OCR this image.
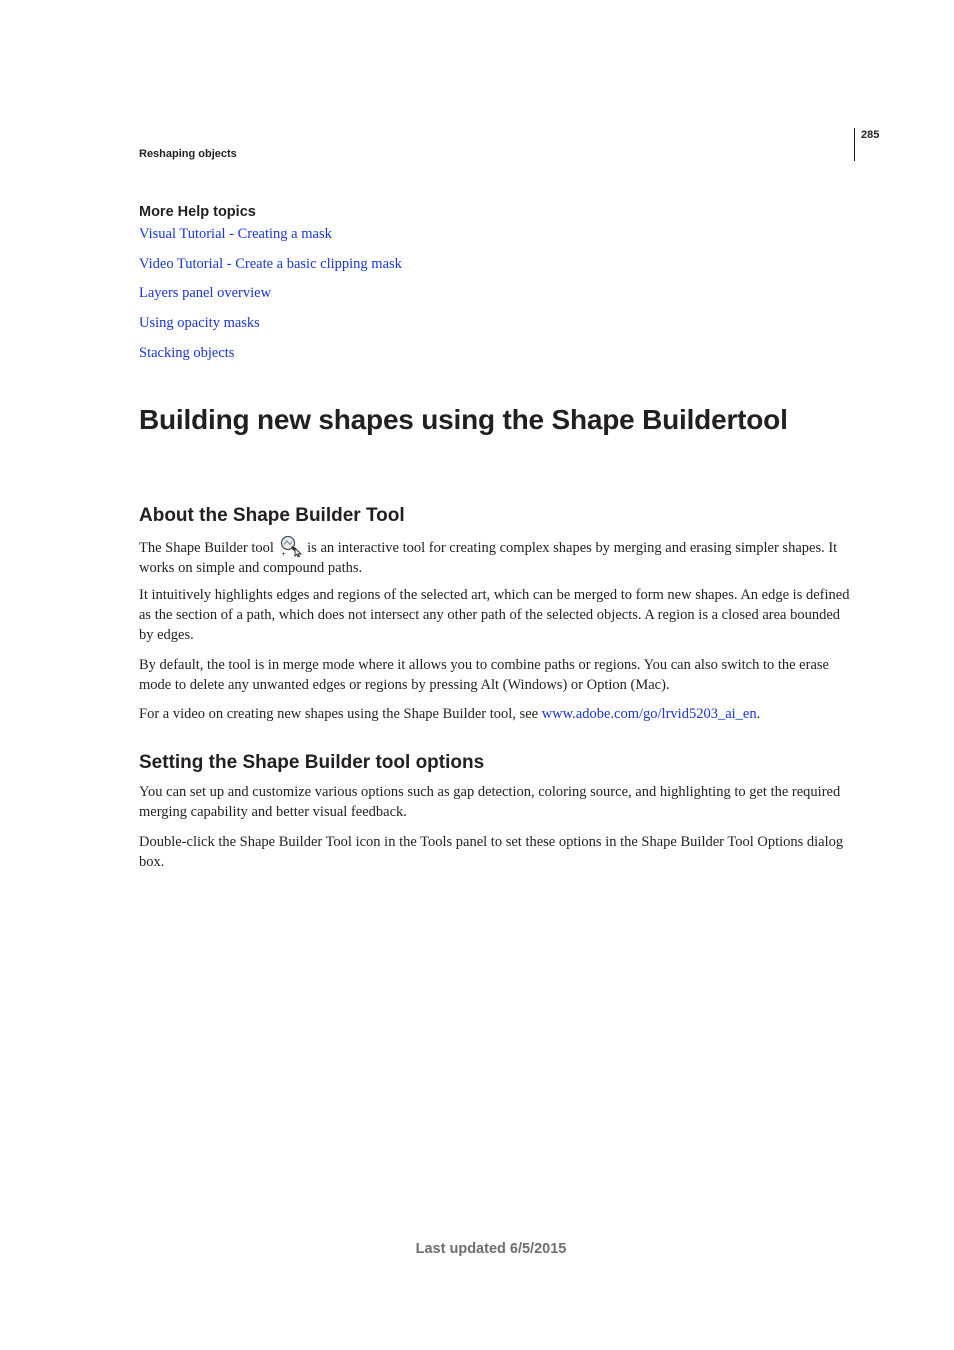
285
Reshaping objects
More Help topics
Visual Tutorial - Creating a mask
Video Tutorial - Create a basic clipping mask
Layers panel overview
Using opacity masks
Stacking objects
Building new shapes using the Shape Buildertool
About the Shape Builder Tool

The Shape Builder tool + is an interactive tool for creating complex shapes by merging and erasing simpler shapes. It works on simple and compound paths.

It intuitively highlights edges and regions of the selected art, which can be merged to form new shapes. An edge is defined as the section of a path, which does not intersect any other path of the selected objects. A region is a closed area bounded by edges.

By default, the tool is in merge mode where it allows you to combine paths or regions. You can also switch to the erase mode to delete any unwanted edges or regions by pressing Alt (Windows) or Option (Mac).

For a video on creating new shapes using the Shape Builder tool, see www.adobe.com/go/lrvid5203_ai_en.

Setting the Shape Builder tool options

You can set up and customize various options such as gap detection, coloring source, and highlighting to get the required merging capability and better visual feedback.

Double-click the Shape Builder Tool icon in the Tools panel to set these options in the Shape Builder Tool Options dialog box.

Last updated 6/5/2015
